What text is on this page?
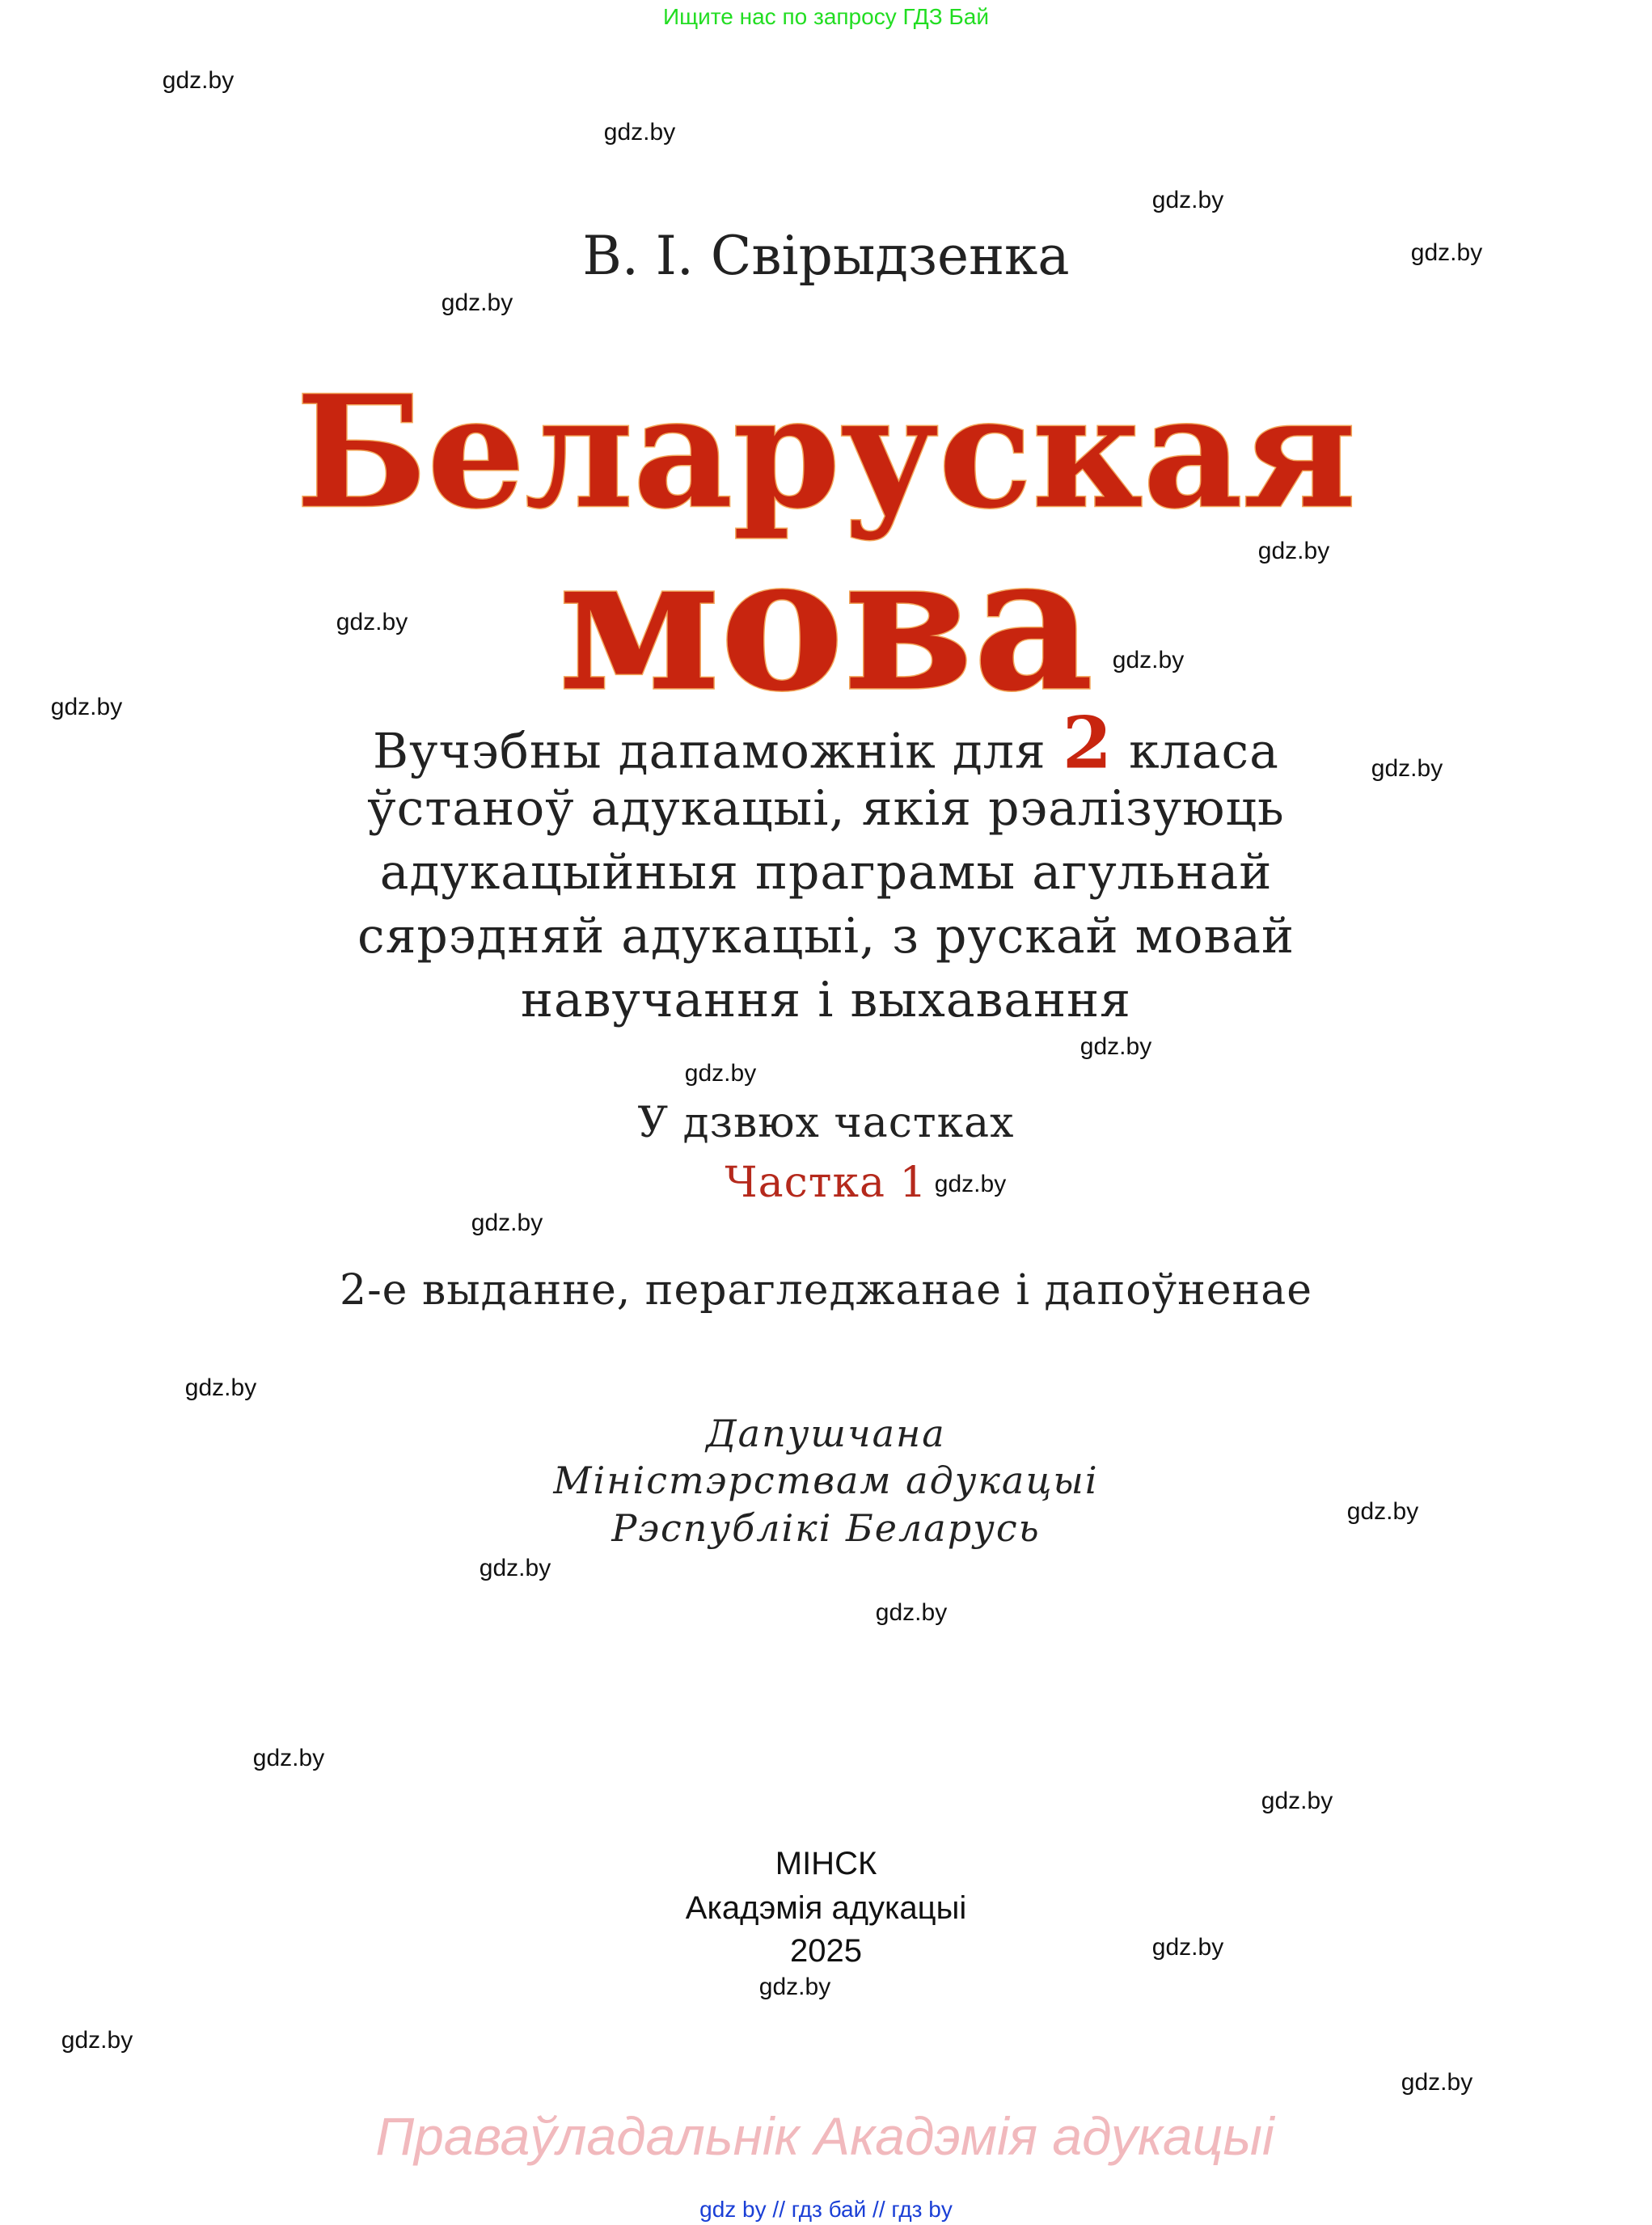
Ищите нас по запросу ГДЗ Бай
В. І. Свірыдзенка
Беларуская
мова
Вучэбны дапаможнік для 2 класа
ўстаноў адукацыі, якія рэалізуюць
адукацыйныя праграмы агульнай
сярэдняй адукацыі, з рускай мовай
навучання і выхавання
У дзвюх частках
Частка 1
2-е выданне, перагледжанае і дапоўненае
Дапушчана
Міністэрствам адукацыі
Рэспублікі Беларусь
МІНСК
Акадэмія адукацыі
2025
Праваўладальнік Акадэмія адукацыі
gdz by // гдз бай // гдз by
gdz.by
gdz.by
gdz.by
gdz.by
gdz.by
gdz.by
gdz.by
gdz.by
gdz.by
gdz.by
gdz.by
gdz.by
gdz.by
gdz.by
gdz.by
gdz.by
gdz.by
gdz.by
gdz.by
gdz.by
gdz.by
gdz.by
gdz.by
gdz.by
